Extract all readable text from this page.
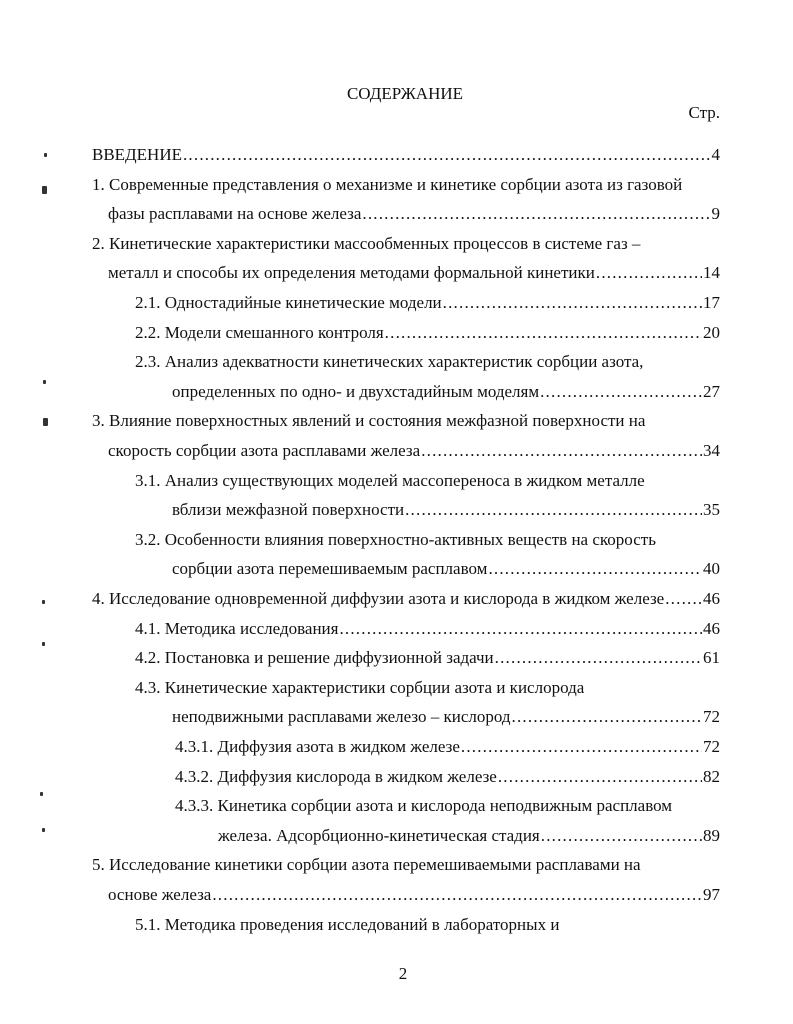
СОДЕРЖАНИЕ
Стр.
ВВЕДЕНИЕ .....	4
1. Современные представления о механизме и кинетике сорбции азота из газовой
фазы расплавами на основе железа .....	9
2. Кинетические характеристики массообменных процессов в системе газ –
металл и способы их определения методами формальной кинетики .....	14
2.1. Одностадийные кинетические модели .....	17
2.2. Модели смешанного контроля .....	20
2.3. Анализ адекватности кинетических характеристик сорбции азота,
определенных по одно- и двухстадийным моделям .....	27
3. Влияние поверхностных явлений и состояния межфазной поверхности на
скорость сорбции азота расплавами железа .....	34
3.1. Анализ существующих моделей массопереноса в жидком металле
вблизи межфазной поверхности .....	35
3.2. Особенности влияния поверхностно-активных веществ на скорость
сорбции азота перемешиваемым расплавом .....	40
4. Исследование одновременной диффузии азота и кислорода в жидком железе ..... 46
4.1. Методика исследования .....	46
4.2. Постановка и решение диффузионной задачи .....	61
4.3. Кинетические характеристики сорбции азота и кислорода
неподвижными расплавами железо – кислород .....	72
4.3.1. Диффузия азота в жидком железе .....	72
4.3.2. Диффузия кислорода в жидком железе .....	82
4.3.3. Кинетика сорбции азота и кислорода неподвижным расплавом
железа. Адсорбционно-кинетическая стадия .....	89
5. Исследование кинетики сорбции азота перемешиваемыми расплавами на
основе железа .....	97
5.1. Методика проведения исследований в лабораторных и
2
